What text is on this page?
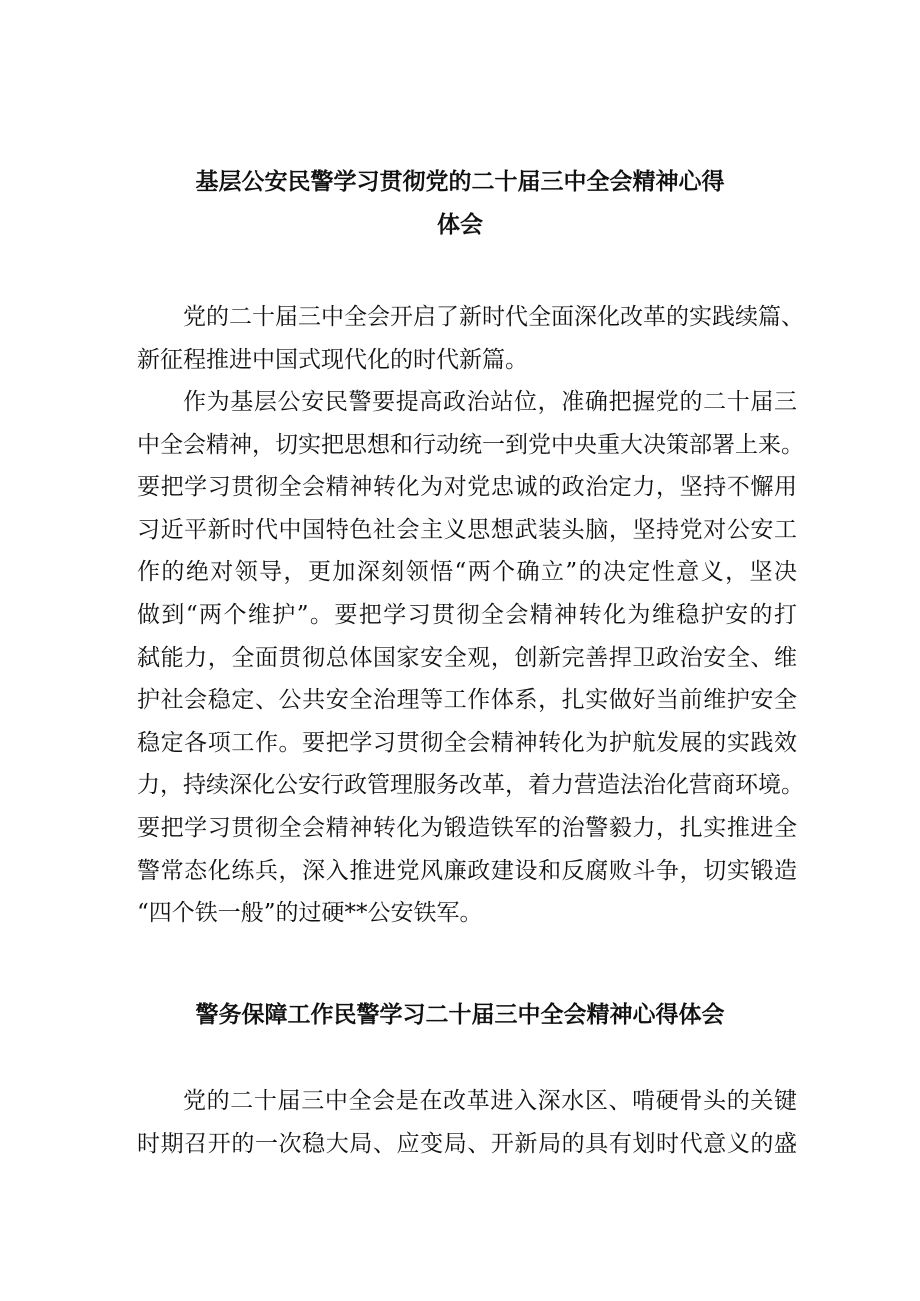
基层公安民警学习贯彻党的二十届三中全会精神心得
体会

党的二十届三中全会开启了新时代全面深化改革的实践续篇、
新征程推进中国式现代化的时代新篇。

作为基层公安民警要提高政治站位，准确把握党的二十届三
中全会精神，切实把思想和行动统一到党中央重大决策部署上来。
要把学习贯彻全会精神转化为对党忠诚的政治定力，坚持不懈用
习近平新时代中国特色社会主义思想武装头脑，坚持党对公安工
作的绝对领导，更加深刻领悟“两个确立”的决定性意义，坚决
做到“两个维护”。要把学习贯彻全会精神转化为维稳护安的打
弑能力，全面贯彻总体国家安全观，创新完善捍卫政治安全、维
护社会稳定、公共安全治理等工作体系，扎实做好当前维护安全
稳定各项工作。要把学习贯彻全会精神转化为护航发展的实践效
力，持续深化公安行政管理服务改革，着力营造法治化营商环境。
要把学习贯彻全会精神转化为锻造铁军的治警毅力，扎实推进全
警常态化练兵，深入推进党风廉政建设和反腐败斗争，切实锻造
“四个铁一般”的过硬**公安铁军。

警务保障工作民警学习二十届三中全会精神心得体会

党的二十届三中全会是在改革进入深水区、啃硬骨头的关键
时期召开的一次稳大局、应变局、开新局的具有划时代意义的盛
